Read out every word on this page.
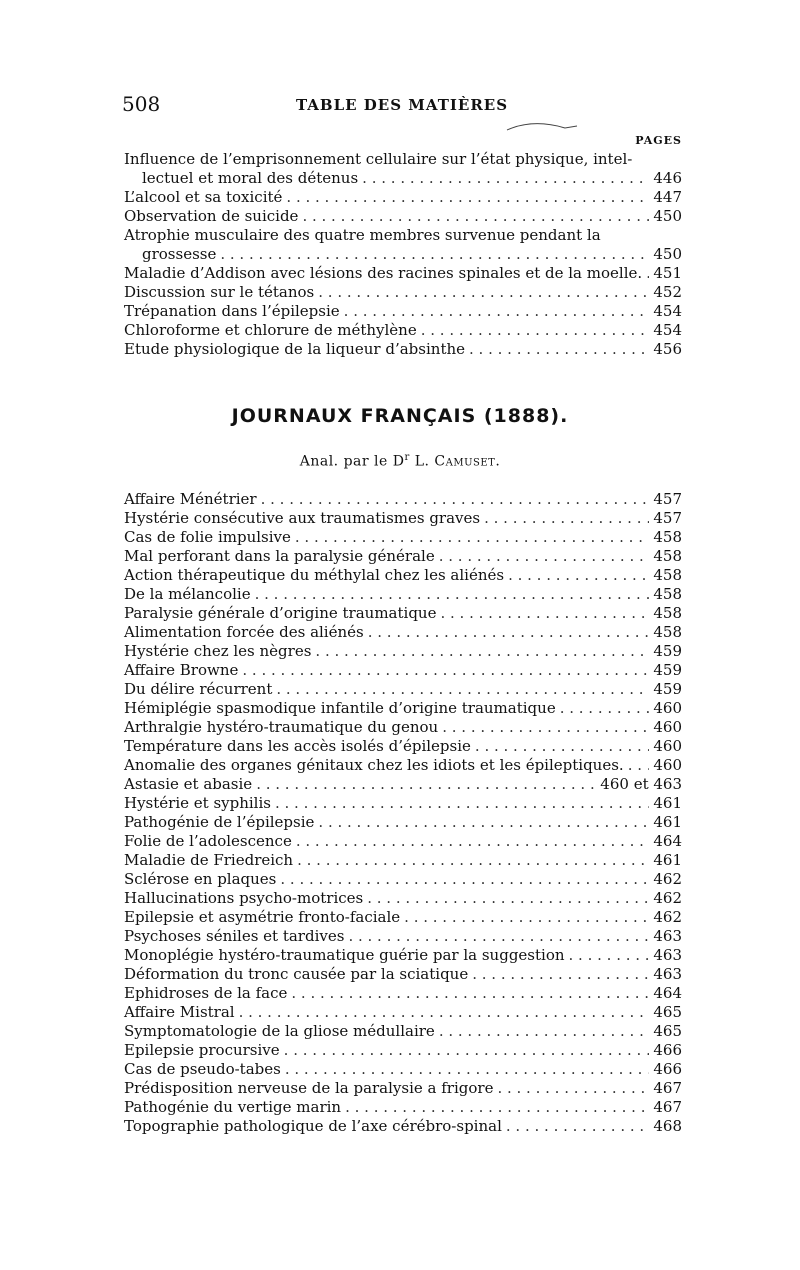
508	TABLE DES MATIÈRES
PAGES
Influence de l’emprisonnement cellulaire sur l’état physique, intel-
lectuel et moral des détenus . . .	446
L’alcool et sa toxicité . . .	447
Observation de suicide . . .	450
Atrophie musculaire des quatre membres survenue pendant la
grossesse . . .	450
Maladie d’Addison avec lésions des racines spinales et de la moelle. . . . 451
Discussion sur le tétanos . . .	452
Trépanation dans l’épilepsie . . .	454
Chloroforme et chlorure de méthylène . . .	454
Etude physiologique de la liqueur d’absinthe . . .	456
JOURNAUX FRANÇAIS (1888).
Anal. par le $D^r$ L. Camuset.
Affaire Ménétrier . . .	457
Hystérie consécutive aux traumatismes graves . . .	457
Cas de folie impulsive . . .	458
Mal perforant dans la paralysie générale . . .	458
Action thérapeutique du méthylal chez les aliénés . . .	458
De la mélancolie . . .	458
Paralysie générale d’origine traumatique . . .	458
Alimentation forcée des aliénés . . .	458
Hystérie chez les nègres . . .	459
Affaire Browne . . .	459
Du délire récurrent . . .	459
Hémiplégie spasmodique infantile d’origine traumatique . . .	460
Arthralgie hystéro-traumatique du genou . . .	460
Température dans les accès isolés d’épilepsie . . .	460
Anomalie des organes génitaux chez les idiots et les épileptiques. . . . 460
Astasie et abasie . . .	460 et 463
Hystérie et syphilis . . .	461
Pathogénie de l’épilepsie . . .	461
Folie de l’adolescence . . .	464
Maladie de Friedreich . . .	461
Sclérose en plaques . . .	462
Hallucinations psycho-motrices . . .	462
Epilepsie et asymétrie fronto-faciale . . .	462
Psychoses séniles et tardives . . .	463
Monoplégie hystéro-traumatique guérie par la suggestion . . .	463
Déformation du tronc causée par la sciatique . . .	463
Ephidroses de la face . . .	464
Affaire Mistral . . .	465
Symptomatologie de la gliose médullaire . . .	465
Epilepsie procursive . . .	466
Cas de pseudo-tabes . . .	466
Prédisposition nerveuse de la paralysie a frigore . . .	467
Pathogénie du vertige marin . . .	467
Topographie pathologique de l’axe cérébro-spinal . . .	468
